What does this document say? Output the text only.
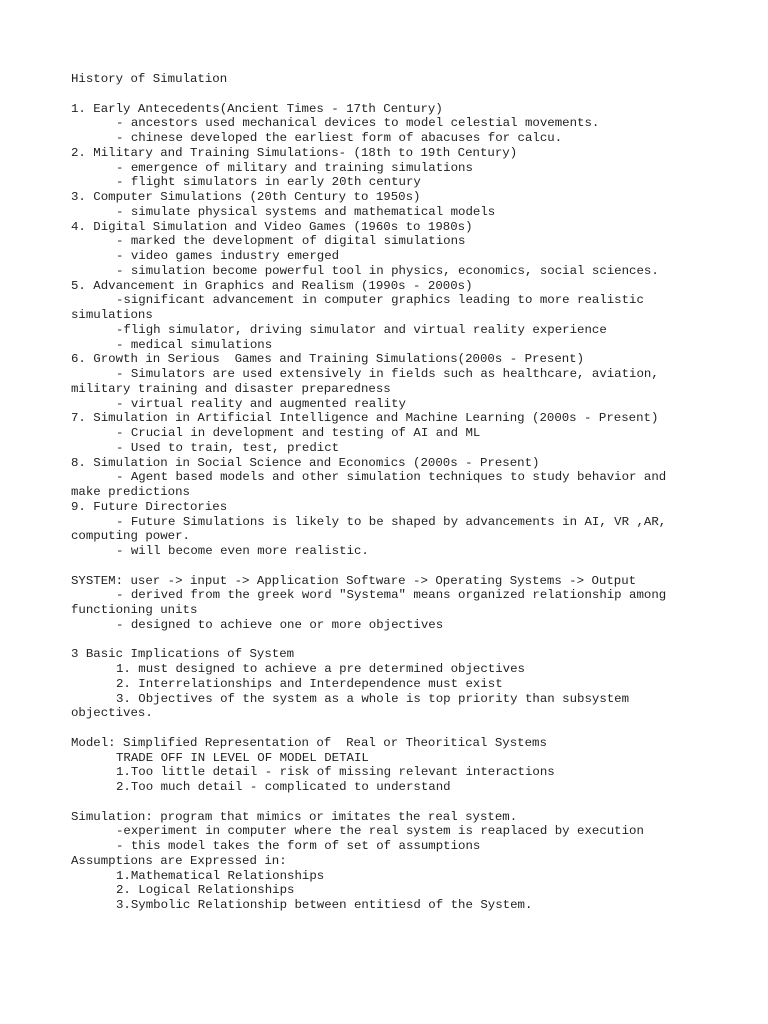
History of Simulation
1. Early Antecedents(Ancient Times - 17th Century)
- ancestors used mechanical devices to model celestial movements.
- chinese developed the earliest form of abacuses for calcu.
2. Military and Training Simulations- (18th to 19th Century)
- emergence of military and training simulations
- flight simulators in early 20th century
3. Computer Simulations (20th Century to 1950s)
- simulate physical systems and mathematical models
4. Digital Simulation and Video Games (1960s to 1980s)
- marked the development of digital simulations
- video games industry emerged
- simulation become powerful tool in physics, economics, social sciences.
5. Advancement in Graphics and Realism (1990s - 2000s)
-significant advancement in computer graphics leading to more realistic
simulations
-fligh simulator, driving simulator and virtual reality experience
- medical simulations
6. Growth in Serious  Games and Training Simulations(2000s - Present)
- Simulators are used extensively in fields such as healthcare, aviation,
military training and disaster preparedness
- virtual reality and augmented reality
7. Simulation in Artificial Intelligence and Machine Learning (2000s - Present)
- Crucial in development and testing of AI and ML
- Used to train, test, predict
8. Simulation in Social Science and Economics (2000s - Present)
- Agent based models and other simulation techniques to study behavior and
make predictions
9. Future Directories
- Future Simulations is likely to be shaped by advancements in AI, VR ,AR,
computing power.
- will become even more realistic.
SYSTEM: user -> input -> Application Software -> Operating Systems -> Output
- derived from the greek word "Systema" means organized relationship among
functioning units
- designed to achieve one or more objectives
3 Basic Implications of System
1. must designed to achieve a pre determined objectives
2. Interrelationships and Interdependence must exist
3. Objectives of the system as a whole is top priority than subsystem
objectives.
Model: Simplified Representation of  Real or Theoritical Systems
TRADE OFF IN LEVEL OF MODEL DETAIL
1.Too little detail - risk of missing relevant interactions
2.Too much detail - complicated to understand
Simulation: program that mimics or imitates the real system.
-experiment in computer where the real system is reaplaced by execution
- this model takes the form of set of assumptions
Assumptions are Expressed in:
1.Mathematical Relationships
2. Logical Relationships
3.Symbolic Relationship between entitiesd of the System.
